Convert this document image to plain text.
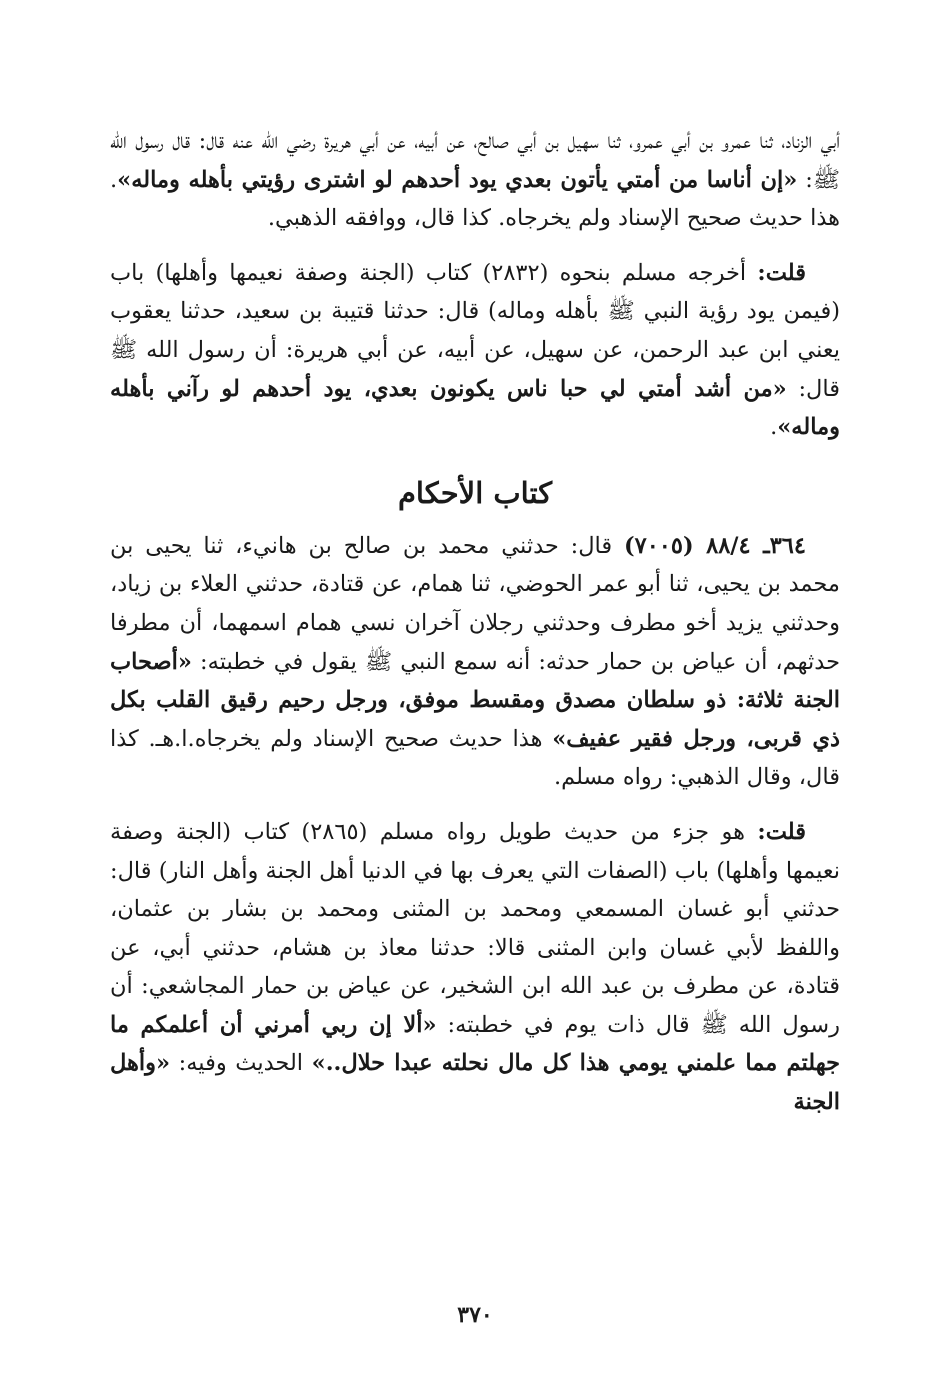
أبي الزناد، ثنا عمرو بن أبي عمرو، ثنا سهيل بن أبي صالح، عن أبيه، عن أبي هريرة رضي الله عنه قال: قال رسول الله ﷺ: «إن أناسا من أمتي يأتون بعدي يود أحدهم لو اشترى رؤيتي بأهله وماله». هذا حديث صحيح الإسناد ولم يخرجاه. كذا قال، ووافقه الذهبي.

قلت: أخرجه مسلم بنحوه (٢٨٣٢) كتاب (الجنة وصفة نعيمها وأهلها) باب (فيمن يود رؤية النبي ﷺ بأهله وماله) قال: حدثنا قتيبة بن سعيد، حدثنا يعقوب يعني ابن عبد الرحمن، عن سهيل، عن أبيه، عن أبي هريرة: أن رسول الله ﷺ قال: «من أشد أمتي لي حبا ناس يكونون بعدي، يود أحدهم لو رآني بأهله وماله».

كتاب الأحكام

٣٦٤ـ ٨٨/٤ (٧٠٠٥) قال: حدثني محمد بن صالح بن هانيء، ثنا يحيى بن محمد بن يحيى، ثنا أبو عمر الحوضي، ثنا همام، عن قتادة، حدثني العلاء بن زياد، وحدثني يزيد أخو مطرف وحدثني رجلان آخران نسي همام اسمهما، أن مطرفا حدثهم، أن عياض بن حمار حدثه: أنه سمع النبي ﷺ يقول في خطبته: «أصحاب الجنة ثلاثة: ذو سلطان مصدق ومقسط موفق، ورجل رحيم رقيق القلب بكل ذي قربى، ورجل فقير عفيف» هذا حديث صحيح الإسناد ولم يخرجاه.ا.هـ. كذا قال، وقال الذهبي: رواه مسلم.

قلت: هو جزء من حديث طويل رواه مسلم (٢٨٦٥) كتاب (الجنة وصفة نعيمها وأهلها) باب (الصفات التي يعرف بها في الدنيا أهل الجنة وأهل النار) قال: حدثني أبو غسان المسمعي ومحمد بن المثنى ومحمد بن بشار بن عثمان، واللفظ لأبي غسان وابن المثنى قالا: حدثنا معاذ بن هشام، حدثني أبي، عن قتادة، عن مطرف بن عبد الله ابن الشخير، عن عياض بن حمار المجاشعي: أن رسول الله ﷺ قال ذات يوم في خطبته: «ألا إن ربي أمرني أن أعلمكم ما جهلتم مما علمني يومي هذا كل مال نحلته عبدا حلال..» الحديث وفيه: «وأهل الجنة

٣٧٠
